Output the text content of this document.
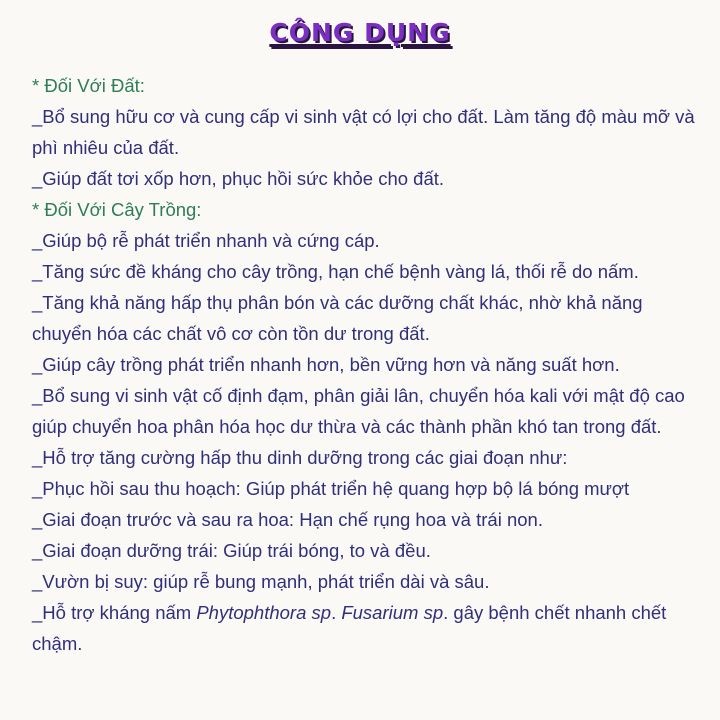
CÔNG DỤNG

* Đối Với Đất:

_Bổ sung hữu cơ và cung cấp vi sinh vật có lợi cho đất. Làm tăng độ màu mỡ và phì nhiêu của đất.

_Giúp đất tơi xốp hơn, phục hồi sức khỏe cho đất.

* Đối Với Cây Trồng:

_Giúp bộ rễ phát triển nhanh và cứng cáp.

_Tăng sức đề kháng cho cây trồng, hạn chế bệnh vàng lá, thối rễ do nấm.

_Tăng khả năng hấp thụ phân bón và các dưỡng chất khác, nhờ khả năng chuyển hóa các chất vô cơ còn tồn dư trong đất.

_Giúp cây trồng phát triển nhanh hơn, bền vững hơn và năng suất hơn.

_Bổ sung vi sinh vật cố định đạm, phân giải lân, chuyển hóa kali với mật độ cao giúp chuyển hoa phân hóa học dư thừa và các thành phần khó tan trong đất.

_Hỗ trợ tăng cường hấp thu dinh dưỡng trong các giai đoạn như:

_Phục hồi sau thu hoạch: Giúp phát triển hệ quang hợp bộ lá bóng mượt

_Giai đoạn trước và sau ra hoa: Hạn chế rụng hoa và trái non.

_Giai đoạn dưỡng trái: Giúp trái bóng, to và đều.

_Vườn bị suy: giúp rễ bung mạnh, phát triển dài và sâu.

_Hỗ trợ kháng nấm Phytophthora sp. Fusarium sp. gây bệnh chết nhanh chết chậm.
